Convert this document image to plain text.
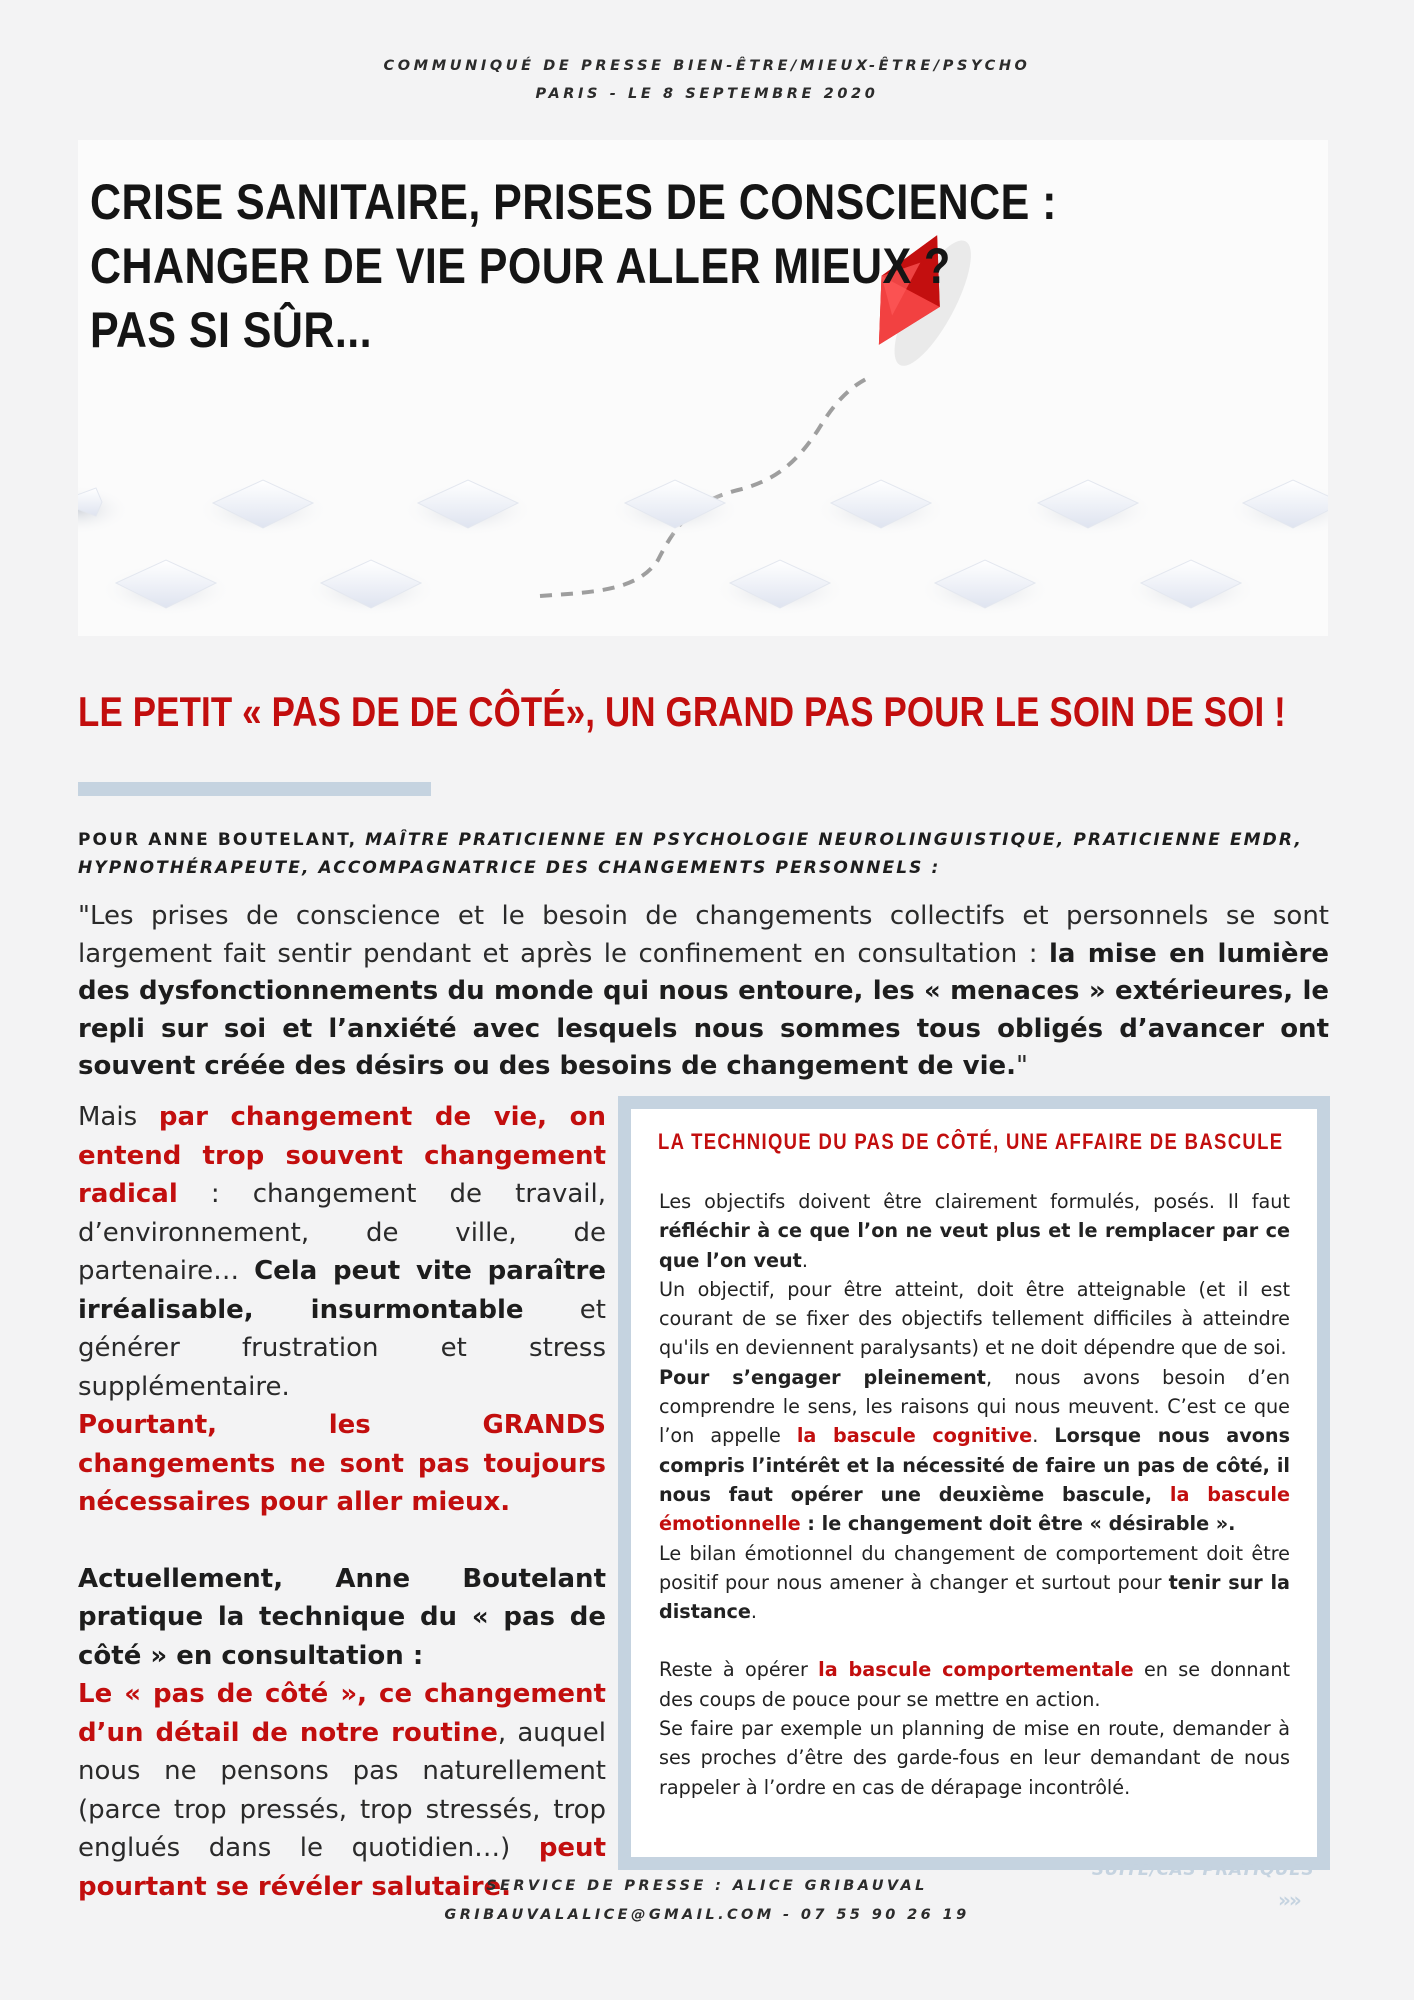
COMMUNIQUÉ DE PRESSE BIEN-ÊTRE/MIEUX-ÊTRE/PSYCHO
PARIS - LE 8 SEPTEMBRE 2020
CRISE SANITAIRE, PRISES DE CONSCIENCE :
CHANGER DE VIE POUR ALLER MIEUX ?
PAS SI SÛR...
LE PETIT « PAS DE DE CÔTÉ», UN GRAND PAS POUR LE SOIN DE SOI !
POUR ANNE BOUTELANT, MAÎTRE PRATICIENNE EN PSYCHOLOGIE NEUROLINGUISTIQUE, PRATICIENNE EMDR, HYPNOTHÉRAPEUTE, ACCOMPAGNATRICE DES CHANGEMENTS PERSONNELS :
"Les prises de conscience et le besoin de changements collectifs et personnels se sont largement fait sentir pendant et après le confinement en consultation : la mise en lumière des dysfonctionnements du monde qui nous entoure, les « menaces » extérieures, le repli sur soi et l’anxiété avec lesquels nous sommes tous obligés d’avancer ont souvent créée des désirs ou des besoins de changement de vie."

Mais par changement de vie, on entend trop souvent changement radical : changement de travail, d’environnement, de ville, de partenaire… Cela peut vite paraître irréalisable, insurmontable et générer frustration et stress supplémentaire.

Pourtant, les GRANDS changements ne sont pas toujours nécessaires pour aller mieux.

Actuellement, Anne Boutelant pratique la technique du « pas de côté » en consultation :

Le « pas de côté », ce changement d’un détail de notre routine, auquel nous ne pensons pas naturellement (parce trop pressés, trop stressés, trop englués dans le quotidien…) peut pourtant se révéler salutaire.

LA TECHNIQUE DU PAS DE CÔTÉ, UNE AFFAIRE DE BASCULE

Les objectifs doivent être clairement formulés, posés. Il faut réfléchir à ce que l’on ne veut plus et le remplacer par ce que l’on veut.

Un objectif, pour être atteint, doit être atteignable (et il est courant de se fixer des objectifs tellement difficiles à atteindre qu'ils en deviennent paralysants) et ne doit dépendre que de soi.

Pour s’engager pleinement, nous avons besoin d’en comprendre le sens, les raisons qui nous meuvent. C’est ce que l’on appelle la bascule cognitive. Lorsque nous avons compris l’intérêt et la nécessité de faire un pas de côté, il nous faut opérer une deuxième bascule, la bascule émotionnelle : le changement doit être « désirable ».

Le bilan émotionnel du changement de comportement doit être positif pour nous amener à changer et surtout pour tenir sur la distance.

Reste à opérer la bascule comportementale en se donnant des coups de pouce pour se mettre en action.

Se faire par exemple un planning de mise en route, demander à ses proches d’être des garde-fous en leur demandant de nous rappeler à l’ordre en cas de dérapage incontrôlé.

SERVICE DE PRESSE : ALICE GRIBAUVAL
GRIBAUVALALICE@GMAIL.COM - 07 55 90 26 19
SUITE/CAS PRATIQUES
»»
